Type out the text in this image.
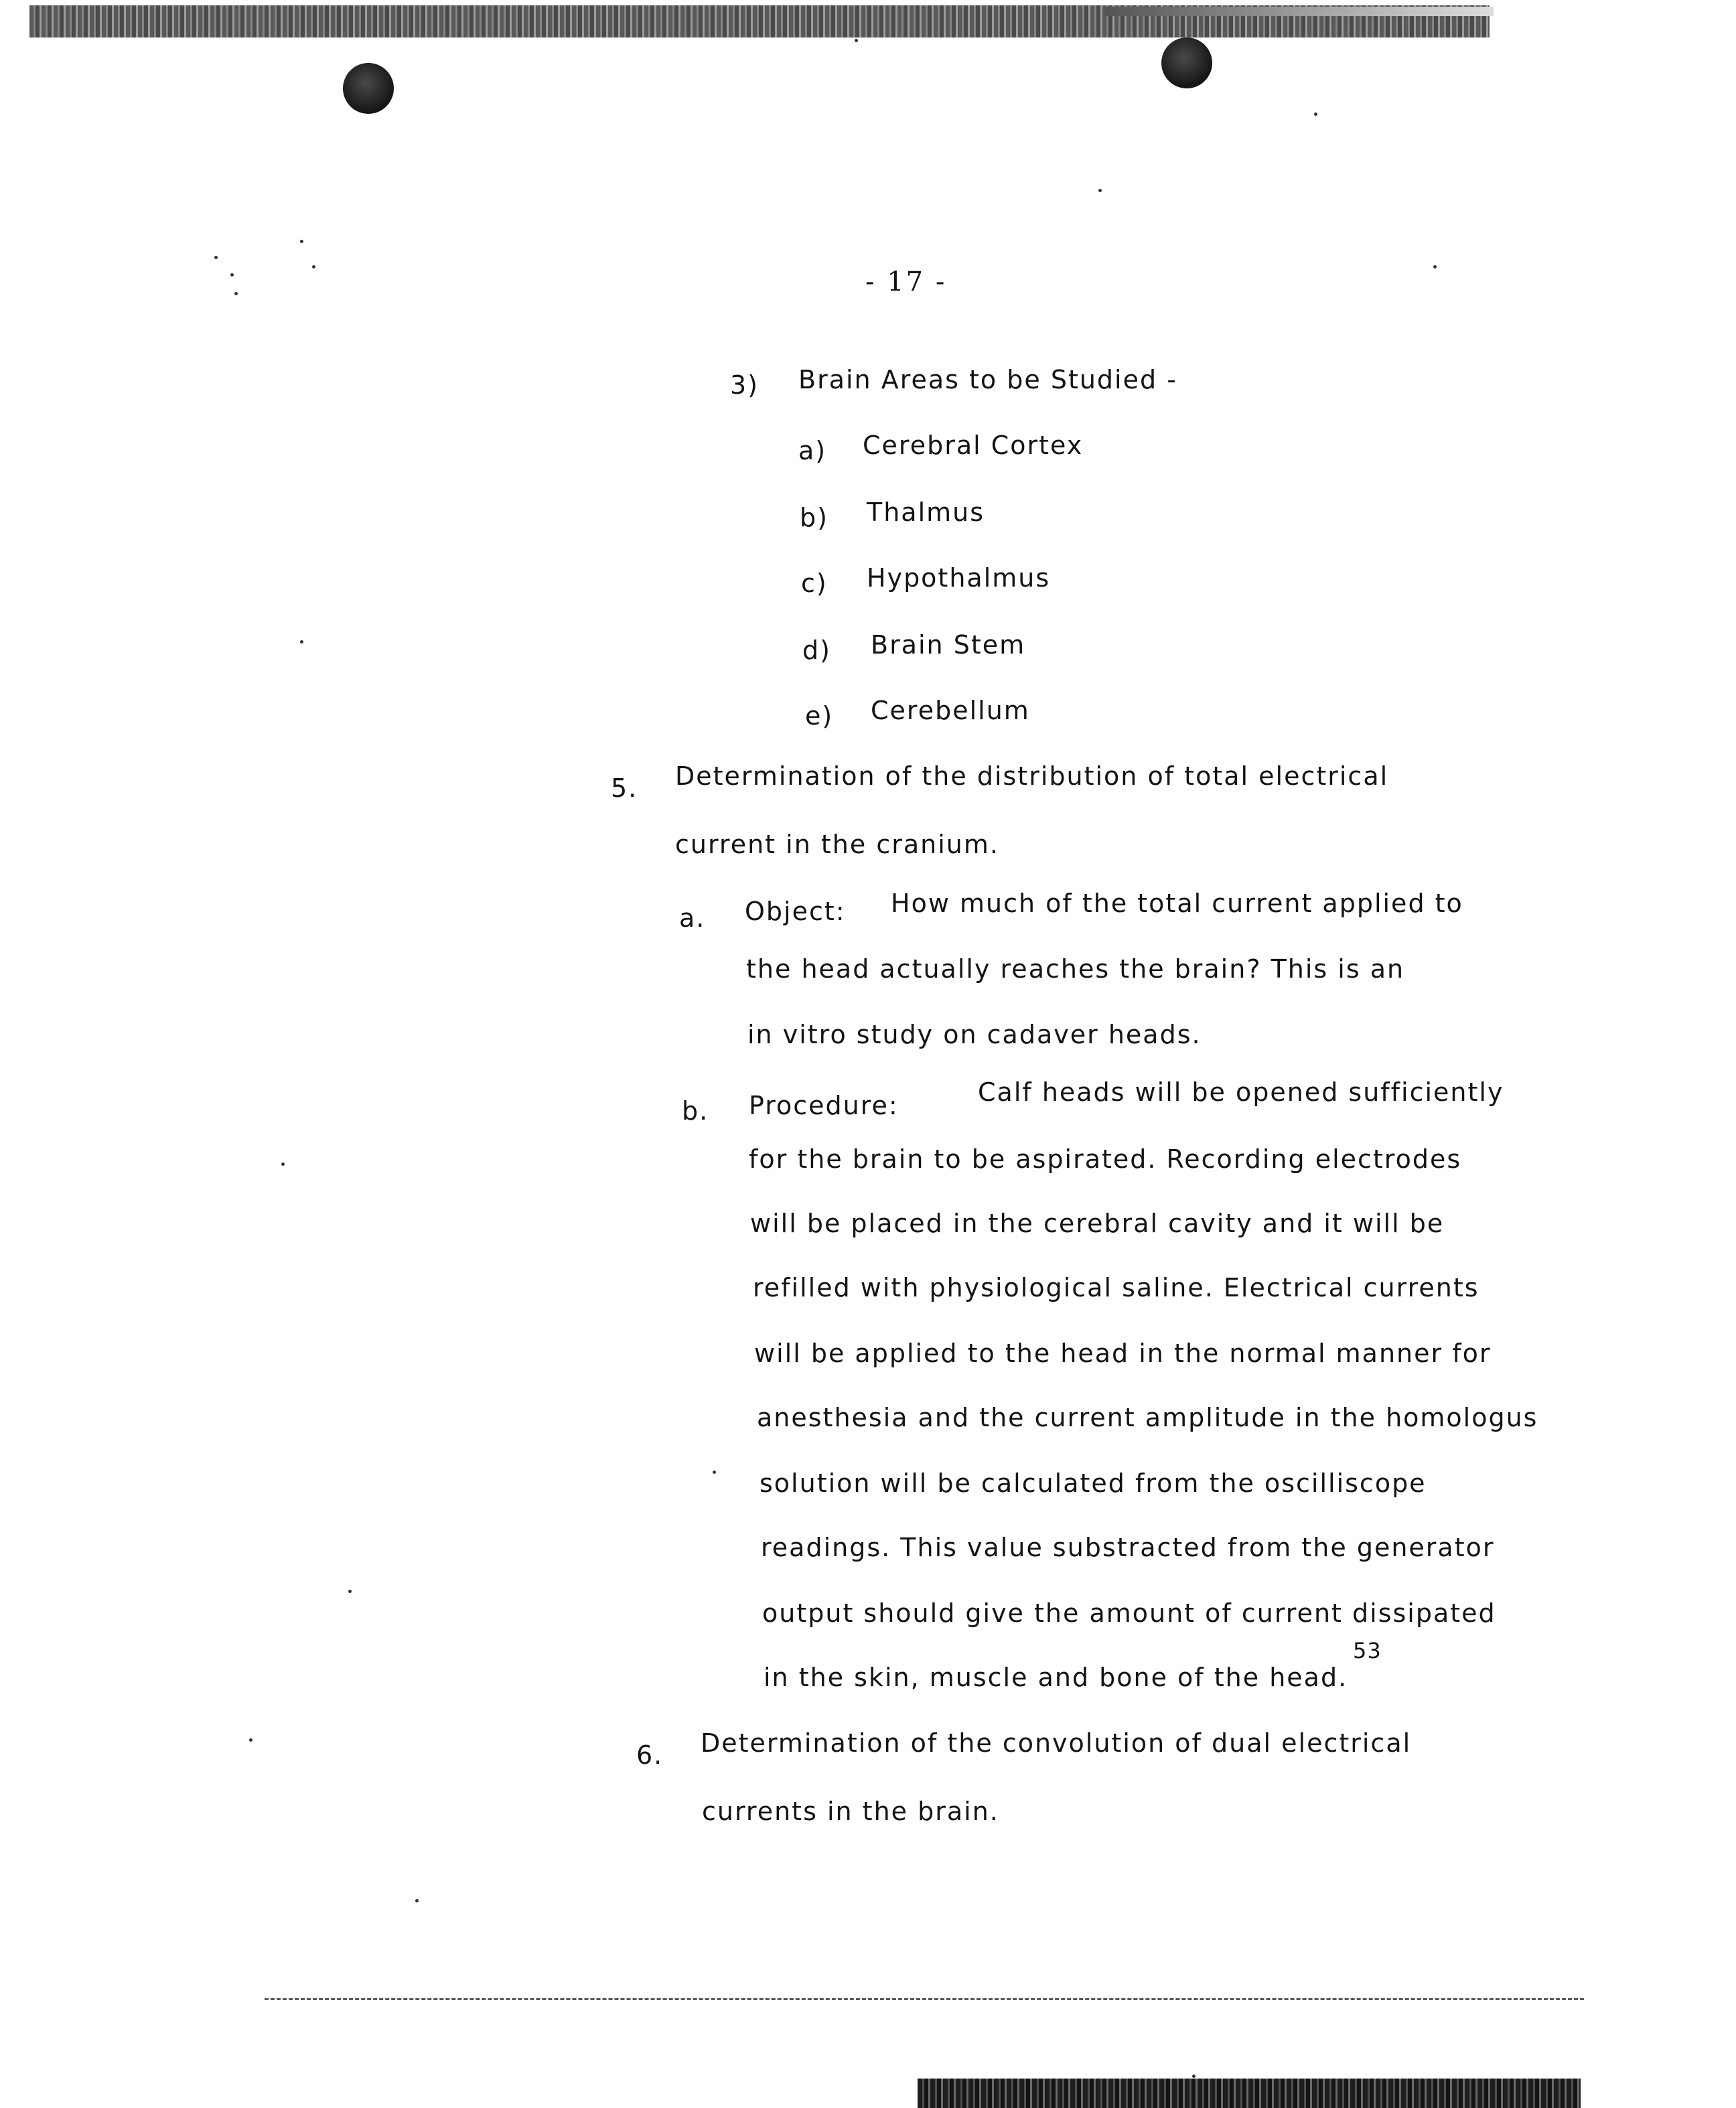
- 17 -
3) Brain Areas to be Studied -
a) Cerebral Cortex
b) Thalmus
c) Hypothalmus
d) Brain Stem
e) Cerebellum
5. Determination of the distribution of total electrical
current in the cranium.
a. Object: How much of the total current applied to
the head actually reaches the brain? This is an
in vitro study on cadaver heads.
b. Procedure:	Calf heads will be opened sufficiently
for the brain to be aspirated. Recording electrodes
will be placed in the cerebral cavity and it will be
refilled with physiological saline. Electrical currents
will be applied to the head in the normal manner for
anesthesia and the current amplitude in the homologus
solution will be calculated from the oscilliscope
readings. This value substracted from the generator
output should give the amount of current dissipated
in the skin, muscle and bone of the head.
53
6. Determination of the convolution of dual electrical
currents in the brain.
